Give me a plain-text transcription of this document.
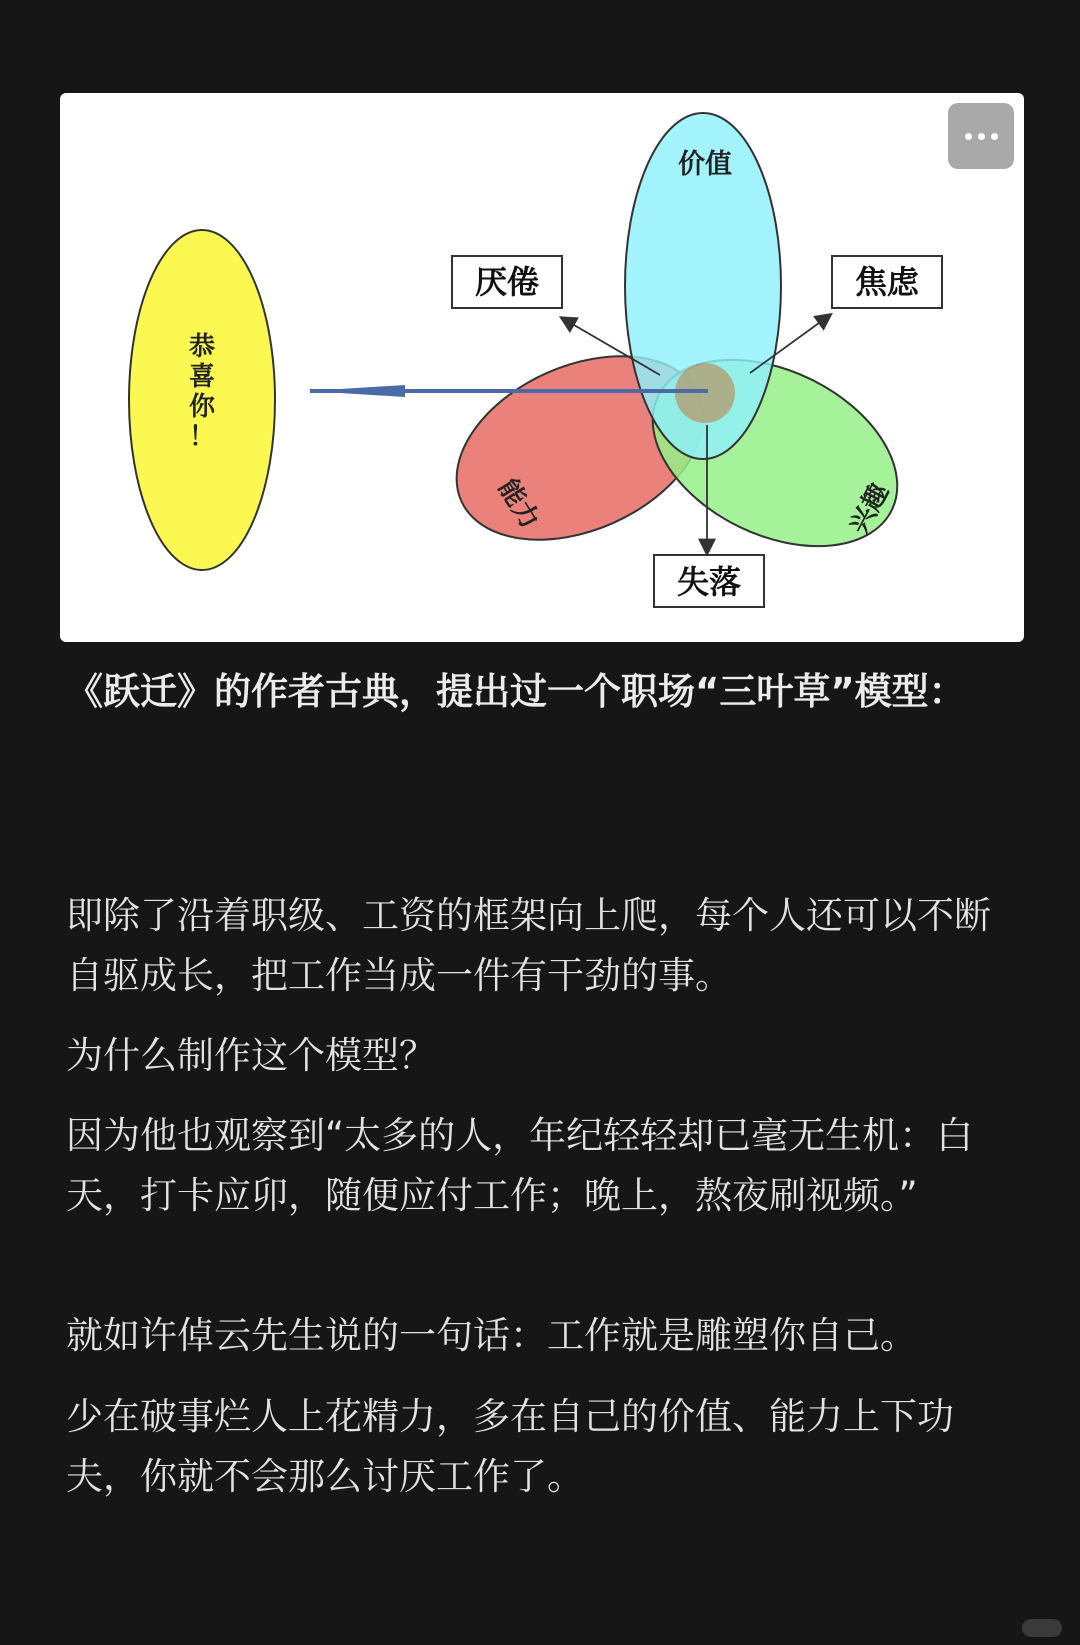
价值
厌倦	焦虑
失落
能力	兴趣
恭
喜
你
！

《跃迁》的作者古典，提出过一个职场“三叶草”模型：

即除了沿着职级、工资的框架向上爬，每个人还可以不断自驱成长，把工作当成一件有干劲的事。

为什么制作这个模型？

因为他也观察到“太多的人，年纪轻轻却已毫无生机：白天，打卡应卯，随便应付工作；晚上，熬夜刷视频。”

就如许倬云先生说的一句话：工作就是雕塑你自己。

少在破事烂人上花精力，多在自己的价值、能力上下功夫，你就不会那么讨厌工作了。
